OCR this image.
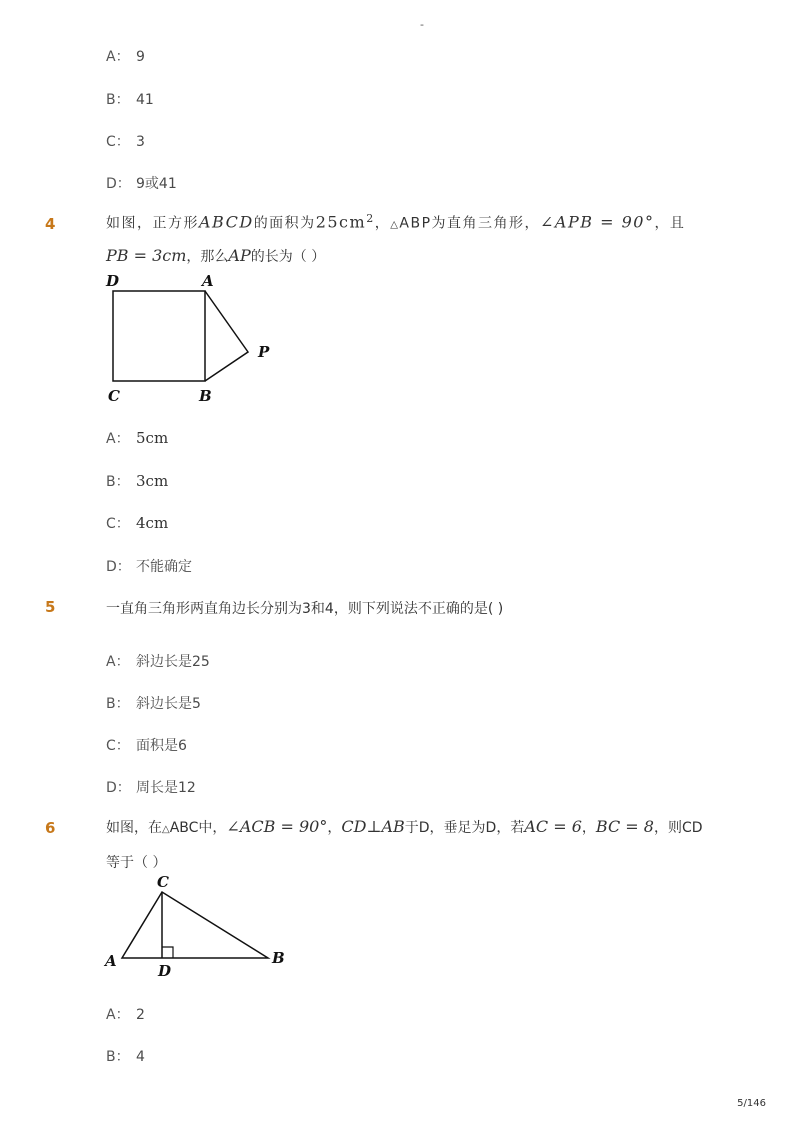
-
A： 9
B： 41
C： 3
D： 9或41
4	如图，正方形ABCD的面积为$25cm^2$，△ABP为直角三角形，∠APB = 90°，且
PB = 3cm，那么AP的长为（ ）
D	A
P
C	B
A： 5cm
B： 3cm
C： 4cm
D： 不能确定
5	一直角三角形两直角边长分别为3和4，则下列说法不正确的是( )
A： 斜边长是25
B： 斜边长是5
C： 面积是6
D： 周长是12
6	如图，在△ABC中，∠ACB = 90°，CD⊥AB于D，垂足为D，若AC = 6，BC = 8，则CD
等于（ ）
C
A
D
B
A： 2
B： 4
5/146
